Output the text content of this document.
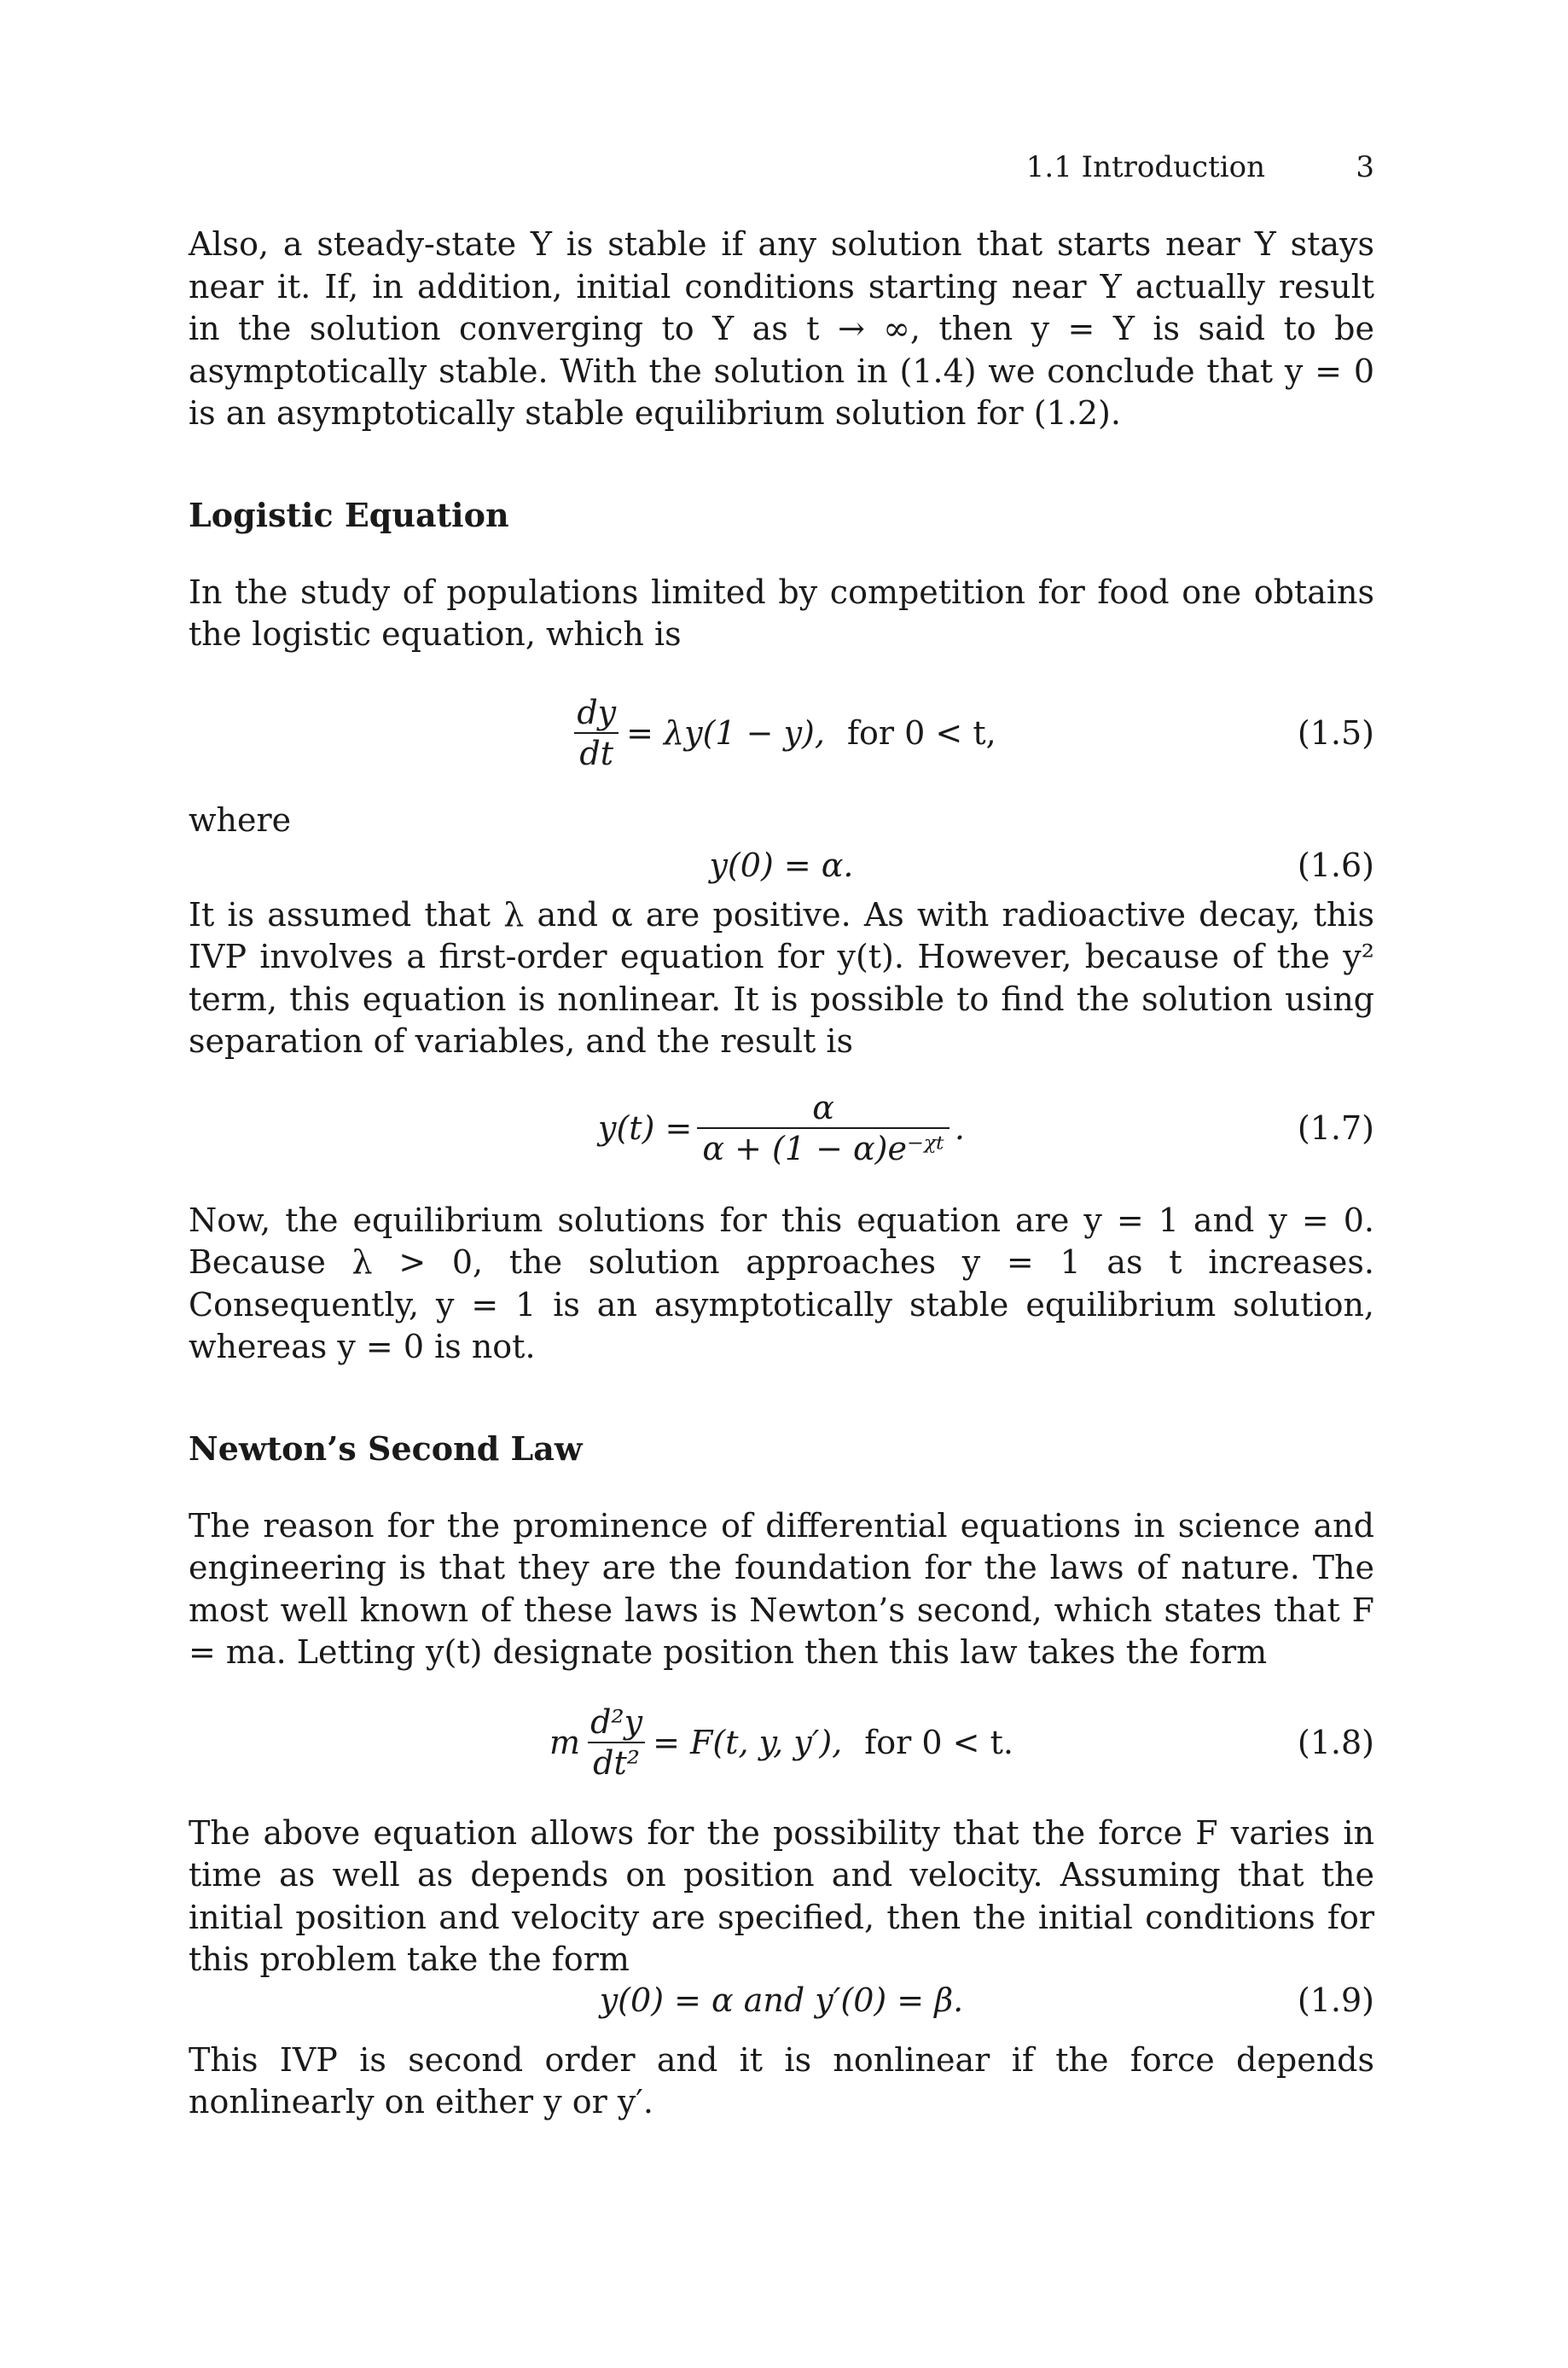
1.1 Introduction	3

Also, a steady-state Y is stable if any solution that starts near Y stays near it. If, in addition, initial conditions starting near Y actually result in the solution converging to Y as t → ∞, then y = Y is said to be asymptotically stable. With the solution in (1.4) we conclude that y = 0 is an asymptotically stable equilibrium solution for (1.2).

Logistic Equation

In the study of populations limited by competition for food one obtains the logistic equation, which is

$\frac{dy}{dt} = \lambda y(1 - y)$, for 0 < t,	(1.5)

where

y(0) = α.	(1.6)

It is assumed that λ and α are positive. As with radioactive decay, this IVP involves a first-order equation for y(t). However, because of the y² term, this equation is nonlinear. It is possible to find the solution using separation of variables, and the result is

$y(t) = \frac{\alpha}{\text{α + (1 − α)e⁻ᵡᵗ}}$ .	(1.7)

Now, the equilibrium solutions for this equation are y = 1 and y = 0. Because λ > 0, the solution approaches y = 1 as t increases. Consequently, y = 1 is an asymptotically stable equilibrium solution, whereas y = 0 is not.

Newton’s Second Law

The reason for the prominence of differential equations in science and engineering is that they are the foundation for the laws of nature. The most well known of these laws is Newton’s second, which states that F = ma. Letting y(t) designate position then this law takes the form

m $\frac{\text{d²y}}{\text{dt²}} = F(t$, y, y′), for 0 < t.	(1.8)

The above equation allows for the possibility that the force F varies in time as well as depends on position and velocity. Assuming that the initial position and velocity are specified, then the initial conditions for this problem take the form

y(0) = α and y′(0) = β.	(1.9)

This IVP is second order and it is nonlinear if the force depends nonlinearly on either y or y′.
